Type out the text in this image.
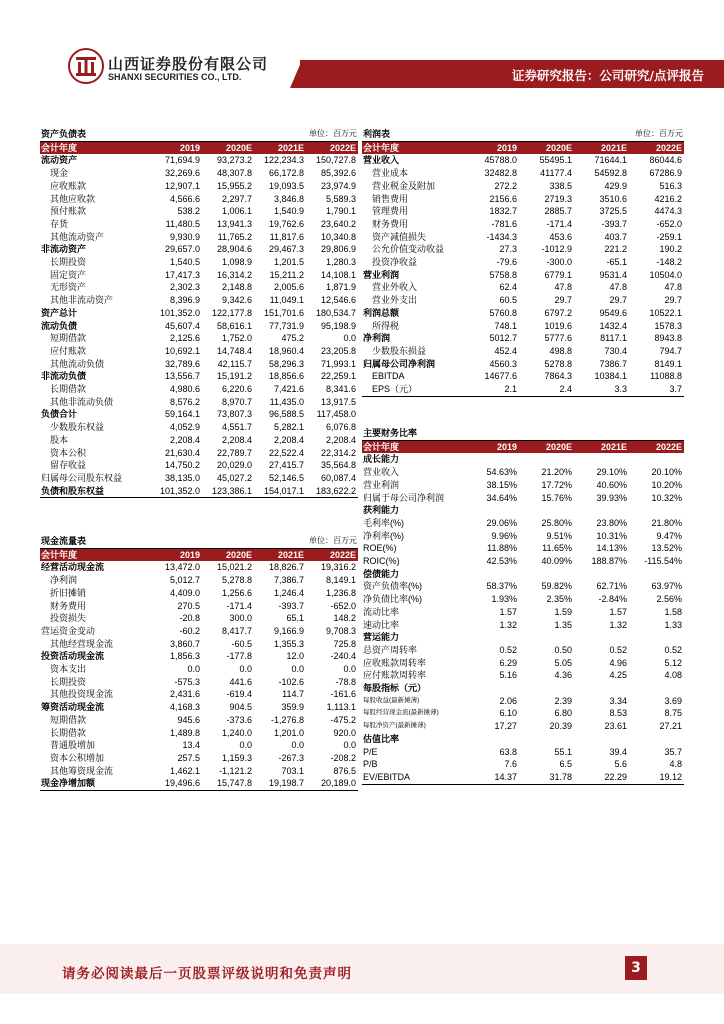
山西证券股份有限公司
SHANXI SECURITIES CO., LTD.	证券研究报告：公司研究/点评报告
资产负债表	单位：百万元			
会计年度	2019	2020E	2021E	2022E
流动资产	71,694.9	93,273.2	122,234.3	150,727.8
现金	32,269.6	48,307.8	66,172.8	85,392.6
应收账款	12,907.1	15,955.2	19,093.5	23,974.9
其他应收款	4,566.6	2,297.7	3,846.8	5,589.3
预付账款	538.2	1,006.1	1,540.9	1,790.1
存货	11,480.5	13,941.3	19,762.6	23,640.2
其他流动资产	9,930.9	11,765.2	11,817.6	10,340.8
非流动资产	29,657.0	28,904.6	29,467.3	29,806.9
长期投资	1,540.5	1,098.9	1,201.5	1,280.3
固定资产	17,417.3	16,314.2	15,211.2	14,108.1
无形资产	2,302.3	2,148.8	2,005.6	1,871.9
其他非流动资产	8,396.9	9,342.6	11,049.1	12,546.6
资产总计	101,352.0	122,177.8	151,701.6	180,534.7
流动负债	45,607.4	58,616.1	77,731.9	95,198.9
短期借款	2,125.6	1,752.0	475.2	0.0
应付账款	10,692.1	14,748.4	18,960.4	23,205.8
其他流动负债	32,789.6	42,115.7	58,296.3	71,993.1
非流动负债	13,556.7	15,191.2	18,856.6	22,259.1
长期借款	4,980.6	6,220.6	7,421.6	8,341.6
其他非流动负债	8,576.2	8,970.7	11,435.0	13,917.5
负债合计	59,164.1	73,807.3	96,588.5	117,458.0
少数股东权益	4,052.9	4,551.7	5,282.1	6,076.8
股本	2,208.4	2,208.4	2,208.4	2,208.4
资本公积	21,630.4	22,789.7	22,522.4	22,314.2
留存收益	14,750.2	20,029.0	27,415.7	35,564.8
归属母公司股东权益	38,135.0	45,027.2	52,146.5	60,087.4
负债和股东权益	101,352.0	123,386.1	154,017.1	183,622.2
现金流量表	单位：百万元			
会计年度	2019	2020E	2021E	2022E
经营活动现金流	13,472.0	15,021.2	18,826.7	19,316.2
净利润	5,012.7	5,278.8	7,386.7	8,149.1
折旧摊销	4,409.0	1,256.6	1,246.4	1,236.8
财务费用	270.5	-171.4	-393.7	-652.0
投资损失	-20.8	300.0	65.1	148.2
营运资金变动	-60.2	8,417.7	9,166.9	9,708.3
其他经营现金流	3,860.7	-60.5	1,355.3	725.8
投资活动现金流	1,856.3	-177.8	12.0	-240.4
资本支出	0.0	0.0	0.0	0.0
长期投资	-575.3	441.6	-102.6	-78.8
其他投资现金流	2,431.6	-619.4	114.7	-161.6
筹资活动现金流	4,168.3	904.5	359.9	1,113.1
短期借款	945.6	-373.6	-1,276.8	-475.2
长期借款	1,489.8	1,240.0	1,201.0	920.0
普通股增加	13.4	0.0	0.0	0.0
资本公积增加	257.5	1,159.3	-267.3	-208.2
其他筹资现金流	1,462.1	-1,121.2	703.1	876.5
现金净增加额	19,496.6	15,747.8	19,198.7	20,189.0
利润表	单位：百万元			
会计年度	2019	2020E	2021E	2022E
营业收入	45788.0	55495.1	71644.1	86044.6
营业成本	32482.8	41177.4	54592.8	67286.9
营业税金及附加	272.2	338.5	429.9	516.3
销售费用	2156.6	2719.3	3510.6	4216.2
管理费用	1832.7	2885.7	3725.5	4474.3
财务费用	-781.6	-171.4	-393.7	-652.0
资产减值损失	-1434.3	453.6	403.7	-259.1
公允价值变动收益	27.3	-1012.9	221.2	190.2
投资净收益	-79.6	-300.0	-65.1	-148.2
营业利润	5758.8	6779.1	9531.4	10504.0
营业外收入	62.4	47.8	47.8	47.8
营业外支出	60.5	29.7	29.7	29.7
利润总额	5760.8	6797.2	9549.6	10522.1
所得税	748.1	1019.6	1432.4	1578.3
净利润	5012.7	5777.6	8117.1	8943.8
少数股东损益	452.4	498.8	730.4	794.7
归属母公司净利润	4560.3	5278.8	7386.7	8149.1
EBITDA	14677.6	7864.3	10384.1	11088.8
EPS（元）	2.1	2.4	3.3	3.7
主要财务比率				
会计年度	2019	2020E	2021E	2022E
成长能力				
营业收入	54.63%	21.20%	29.10%	20.10%
营业利润	38.15%	17.72%	40.60%	10.20%
归属于母公司净利润	34.64%	15.76%	39.93%	10.32%
获利能力				
毛利率(%)	29.06%	25.80%	23.80%	21.80%
净利率(%)	9.96%	9.51%	10.31%	9.47%
ROE(%)	11.88%	11.65%	14.13%	13.52%
ROIC(%)	42.53%	40.09%	188.87%	-115.54%
偿债能力				
资产负债率(%)	58.37%	59.82%	62.71%	63.97%
净负债比率(%)	1.93%	2.35%	-2.84%	2.56%
流动比率	1.57	1.59	1.57	1.58
速动比率	1.32	1.35	1.32	1.33
营运能力				
总资产周转率	0.52	0.50	0.52	0.52
应收账款周转率	6.29	5.05	4.96	5.12
应付账款周转率	5.16	4.36	4.25	4.08
每股指标（元）				
每股收益(最新摊薄)	2.06	2.39	3.34	3.69
每股经营现金流(最新摊薄)	6.10	6.80	8.53	8.75
每股净资产(最新摊薄)	17.27	20.39	23.61	27.21
估值比率				
P/E	63.8	55.1	39.4	35.7
P/B	7.6	6.5	5.6	4.8
EV/EBITDA	14.37	31.78	22.29	19.12
请务必阅读最后一页股票评级说明和免责声明	3
